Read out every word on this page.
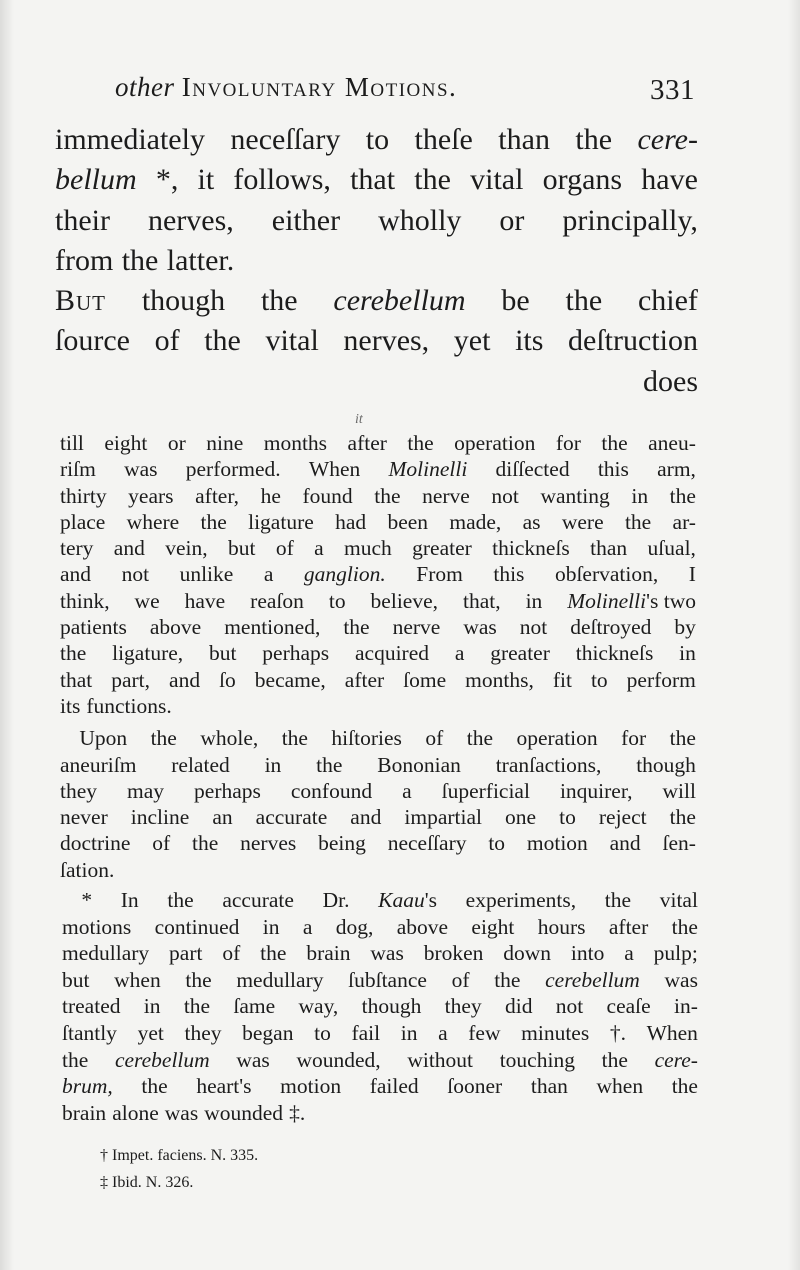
other Involuntary Motions.	331
immediately neceſſary to theſe than the cere-
bellum *, it follows, that the vital organs have
their nerves, either wholly or principally,
from the latter.
But though the cerebellum be the chief
ſource of the vital nerves, yet its deſtruction
does
it
till eight or nine months after the operation for the aneu-
riſm was performed. When Molinelli diſſected this arm,
thirty years after, he found the nerve not wanting in the
place where the ligature had been made, as were the ar-
tery and vein, but of a much greater thickneſs than uſual,
and not unlike a ganglion. From this obſervation, I
think, we have reaſon to believe, that, in Molinelli's two
patients above mentioned, the nerve was not deſtroyed by
the ligature, but perhaps acquired a greater thickneſs in
that part, and ſo became, after ſome months, fit to perform
its functions.
Upon the whole, the hiſtories of the operation for the
aneuriſm related in the Bononian tranſactions, though
they may perhaps confound a ſuperficial inquirer, will
never incline an accurate and impartial one to reject the
doctrine of the nerves being neceſſary to motion and ſen-
ſation.
* In the accurate Dr. Kaau's experiments, the vital
motions continued in a dog, above eight hours after the
medullary part of the brain was broken down into a pulp;
but when the medullary ſubſtance of the cerebellum was
treated in the ſame way, though they did not ceaſe in-
ſtantly yet they began to fail in a few minutes †. When
the cerebellum was wounded, without touching the cere-
brum, the heart's motion failed ſooner than when the
brain alone was wounded ‡.
† Impet. faciens. N. 335.
‡ Ibid. N. 326.
